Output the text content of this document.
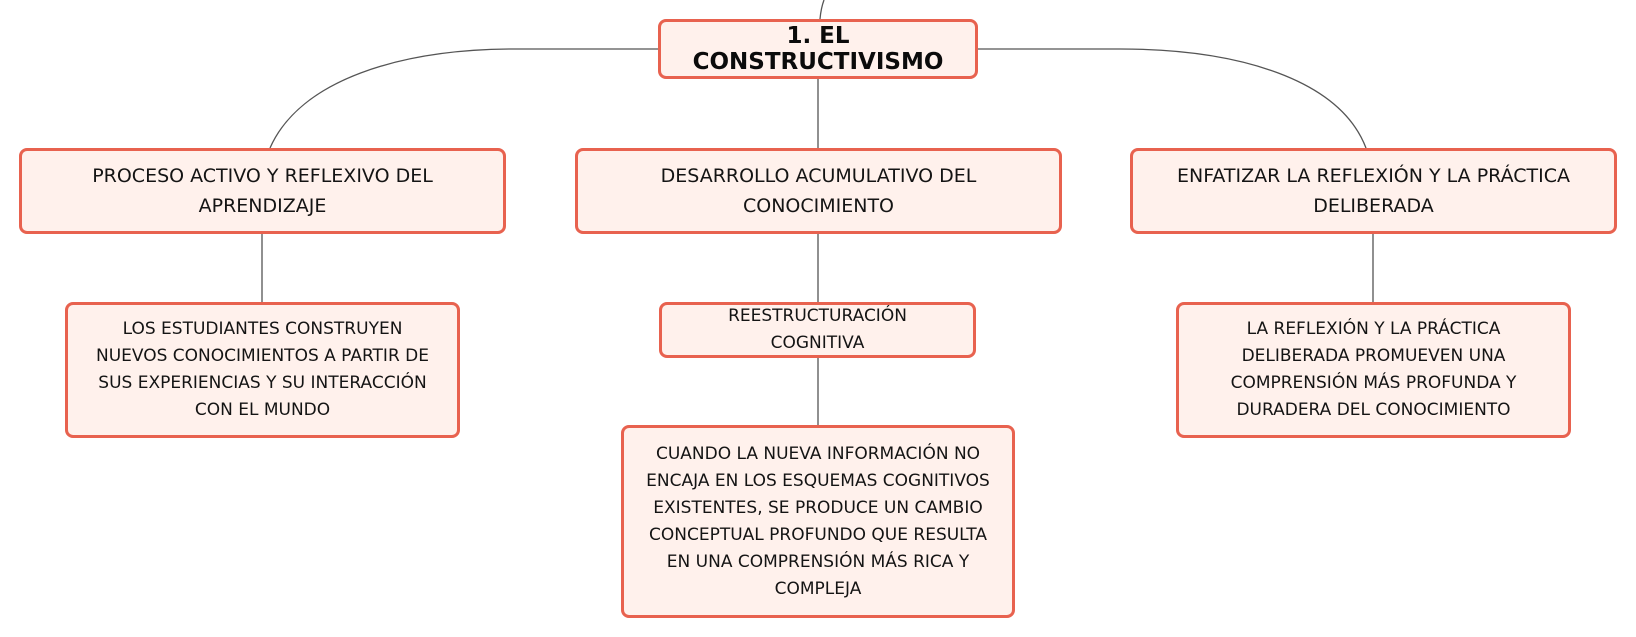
1. EL CONSTRUCTIVISMO
PROCESO ACTIVO Y REFLEXIVO DEL APRENDIZAJE
DESARROLLO ACUMULATIVO DEL CONOCIMIENTO
ENFATIZAR LA REFLEXIÓN Y LA PRÁCTICA DELIBERADA
LOS ESTUDIANTES CONSTRUYEN NUEVOS CONOCIMIENTOS A PARTIR DE SUS EXPERIENCIAS Y SU INTERACCIÓN CON EL MUNDO
REESTRUCTURACIÓN COGNITIVA
CUANDO LA NUEVA INFORMACIÓN NO ENCAJA EN LOS ESQUEMAS COGNITIVOS EXISTENTES, SE PRODUCE UN CAMBIO CONCEPTUAL PROFUNDO QUE RESULTA EN UNA COMPRENSIÓN MÁS RICA Y COMPLEJA
LA REFLEXIÓN Y LA PRÁCTICA DELIBERADA PROMUEVEN UNA COMPRENSIÓN MÁS PROFUNDA Y DURADERA DEL CONOCIMIENTO
